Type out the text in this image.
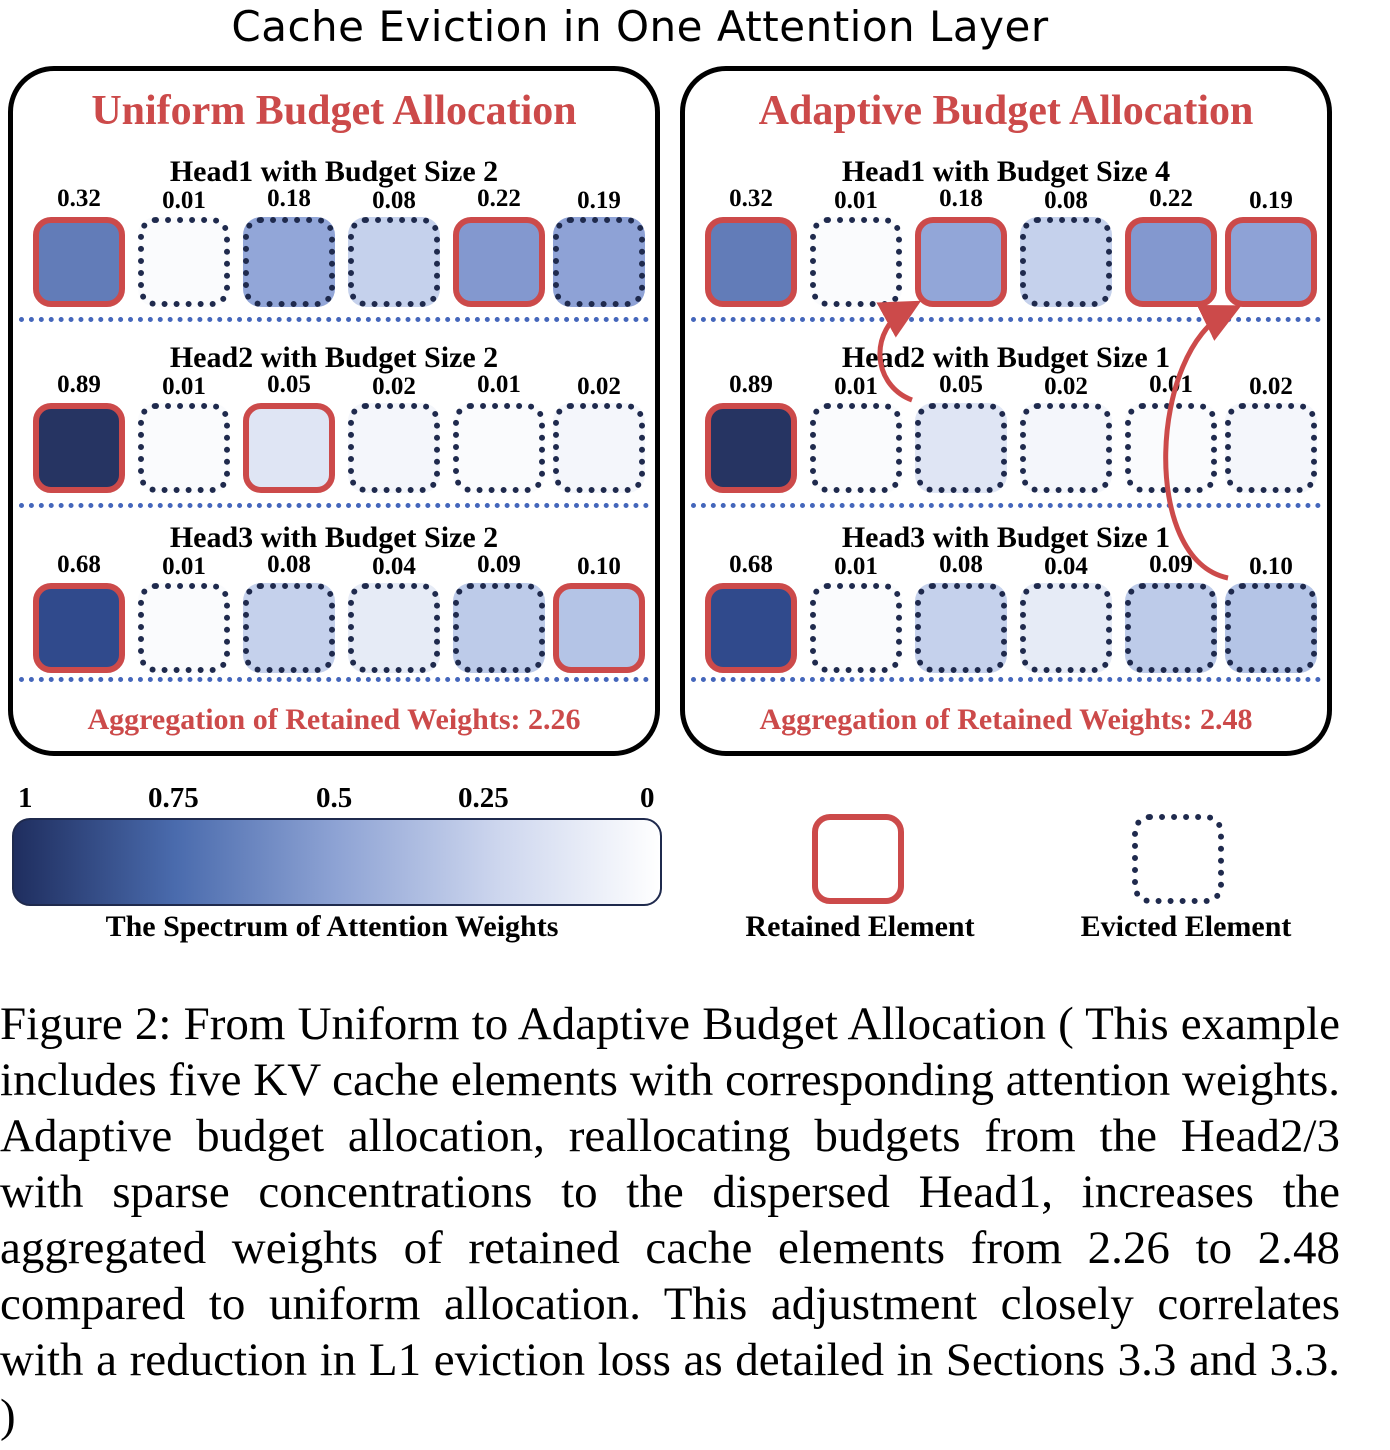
Cache Eviction in One Attention Layer
Uniform Budget Allocation
Head1 with Budget Size 2
0.32	0.01	0.18	0.08	0.22	0.19
Head2 with Budget Size 2
0.89	0.01	0.05	0.02	0.01	0.02
Head3 with Budget Size 2
0.68	0.01	0.08	0.04	0.09	0.10
Aggregation of Retained Weights: 2.26
Adaptive Budget Allocation
Head1 with Budget Size 4
0.32	0.01	0.18	0.08	0.22	0.19
Head2 with Budget Size 1
0.89	0.01	0.05	0.02	0.01	0.02
Head3 with Budget Size 1
0.68	0.01	0.08	0.04	0.09	0.10
Aggregation of Retained Weights: 2.48
1	0.75	0.5	0.25	0
The Spectrum of Attention Weights	Retained Element	Evicted Element
Figure 2: From Uniform to Adaptive Budget Allocation ( This example includes five KV cache elements with corresponding attention weights. Adaptive budget allocation, reallocating budgets from the Head2/3 with sparse concentrations to the dispersed Head1, increases the aggregated weights of retained cache elements from 2.26 to 2.48 compared to uniform allocation. This adjustment closely correlates with a reduction in L1 eviction loss as detailed in Sections 3.3 and 3.3. )
